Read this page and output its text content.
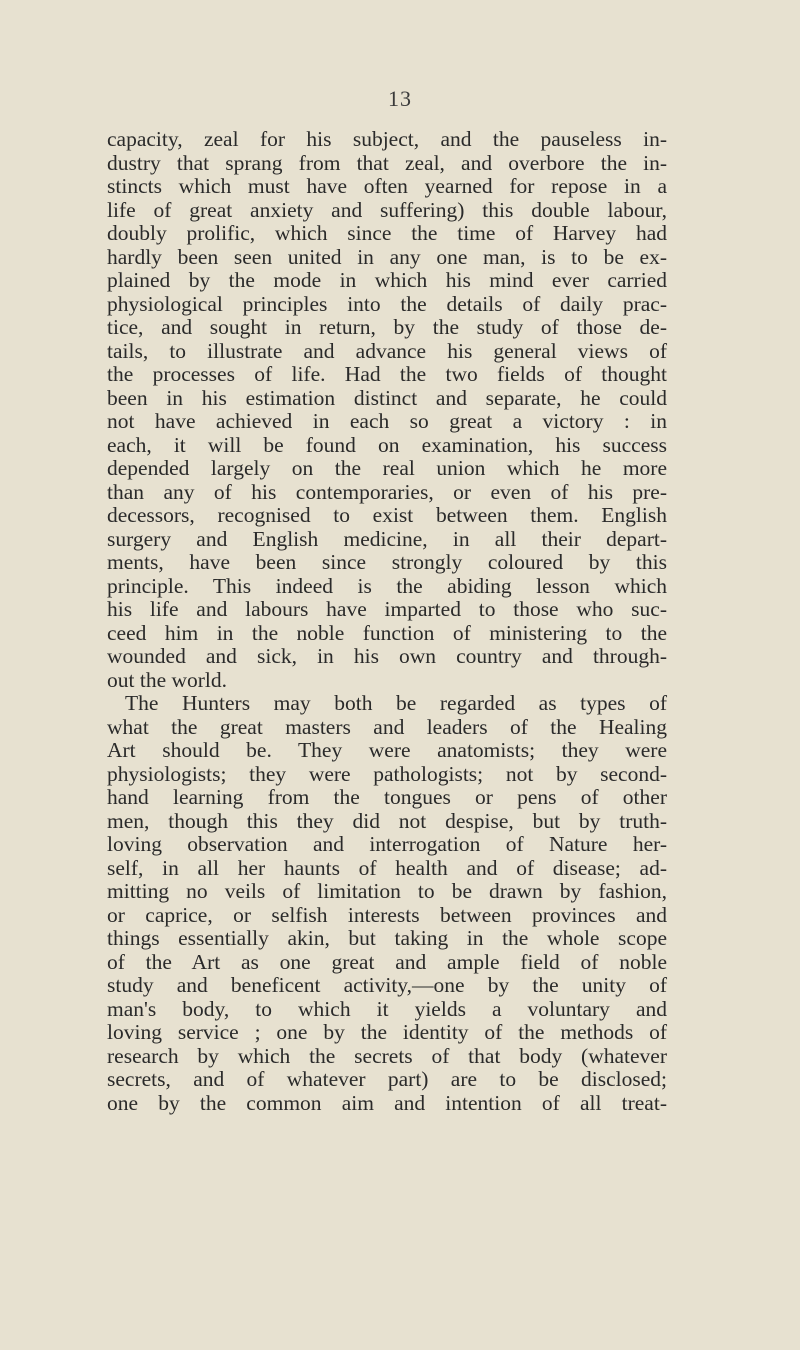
13
capacity, zeal for his subject, and the pauseless in-
dustry that sprang from that zeal, and overbore the in-
stincts which must have often yearned for repose in a
life of great anxiety and suffering) this double labour,
doubly prolific, which since the time of Harvey had
hardly been seen united in any one man, is to be ex-
plained by the mode in which his mind ever carried
physiological principles into the details of daily prac-
tice, and sought in return, by the study of those de-
tails, to illustrate and advance his general views of
the processes of life. Had the two fields of thought
been in his estimation distinct and separate, he could
not have achieved in each so great a victory : in
each, it will be found on examination, his success
depended largely on the real union which he more
than any of his contemporaries, or even of his pre-
decessors, recognised to exist between them. English
surgery and English medicine, in all their depart-
ments, have been since strongly coloured by this
principle. This indeed is the abiding lesson which
his life and labours have imparted to those who suc-
ceed him in the noble function of ministering to the
wounded and sick, in his own country and through-
out the world.
The Hunters may both be regarded as types of
what the great masters and leaders of the Healing
Art should be. They were anatomists; they were
physiologists; they were pathologists; not by second-
hand learning from the tongues or pens of other
men, though this they did not despise, but by truth-
loving observation and interrogation of Nature her-
self, in all her haunts of health and of disease; ad-
mitting no veils of limitation to be drawn by fashion,
or caprice, or selfish interests between provinces and
things essentially akin, but taking in the whole scope
of the Art as one great and ample field of noble
study and beneficent activity,—one by the unity of
man's body, to which it yields a voluntary and
loving service ; one by the identity of the methods of
research by which the secrets of that body (whatever
secrets, and of whatever part) are to be disclosed;
one by the common aim and intention of all treat-
